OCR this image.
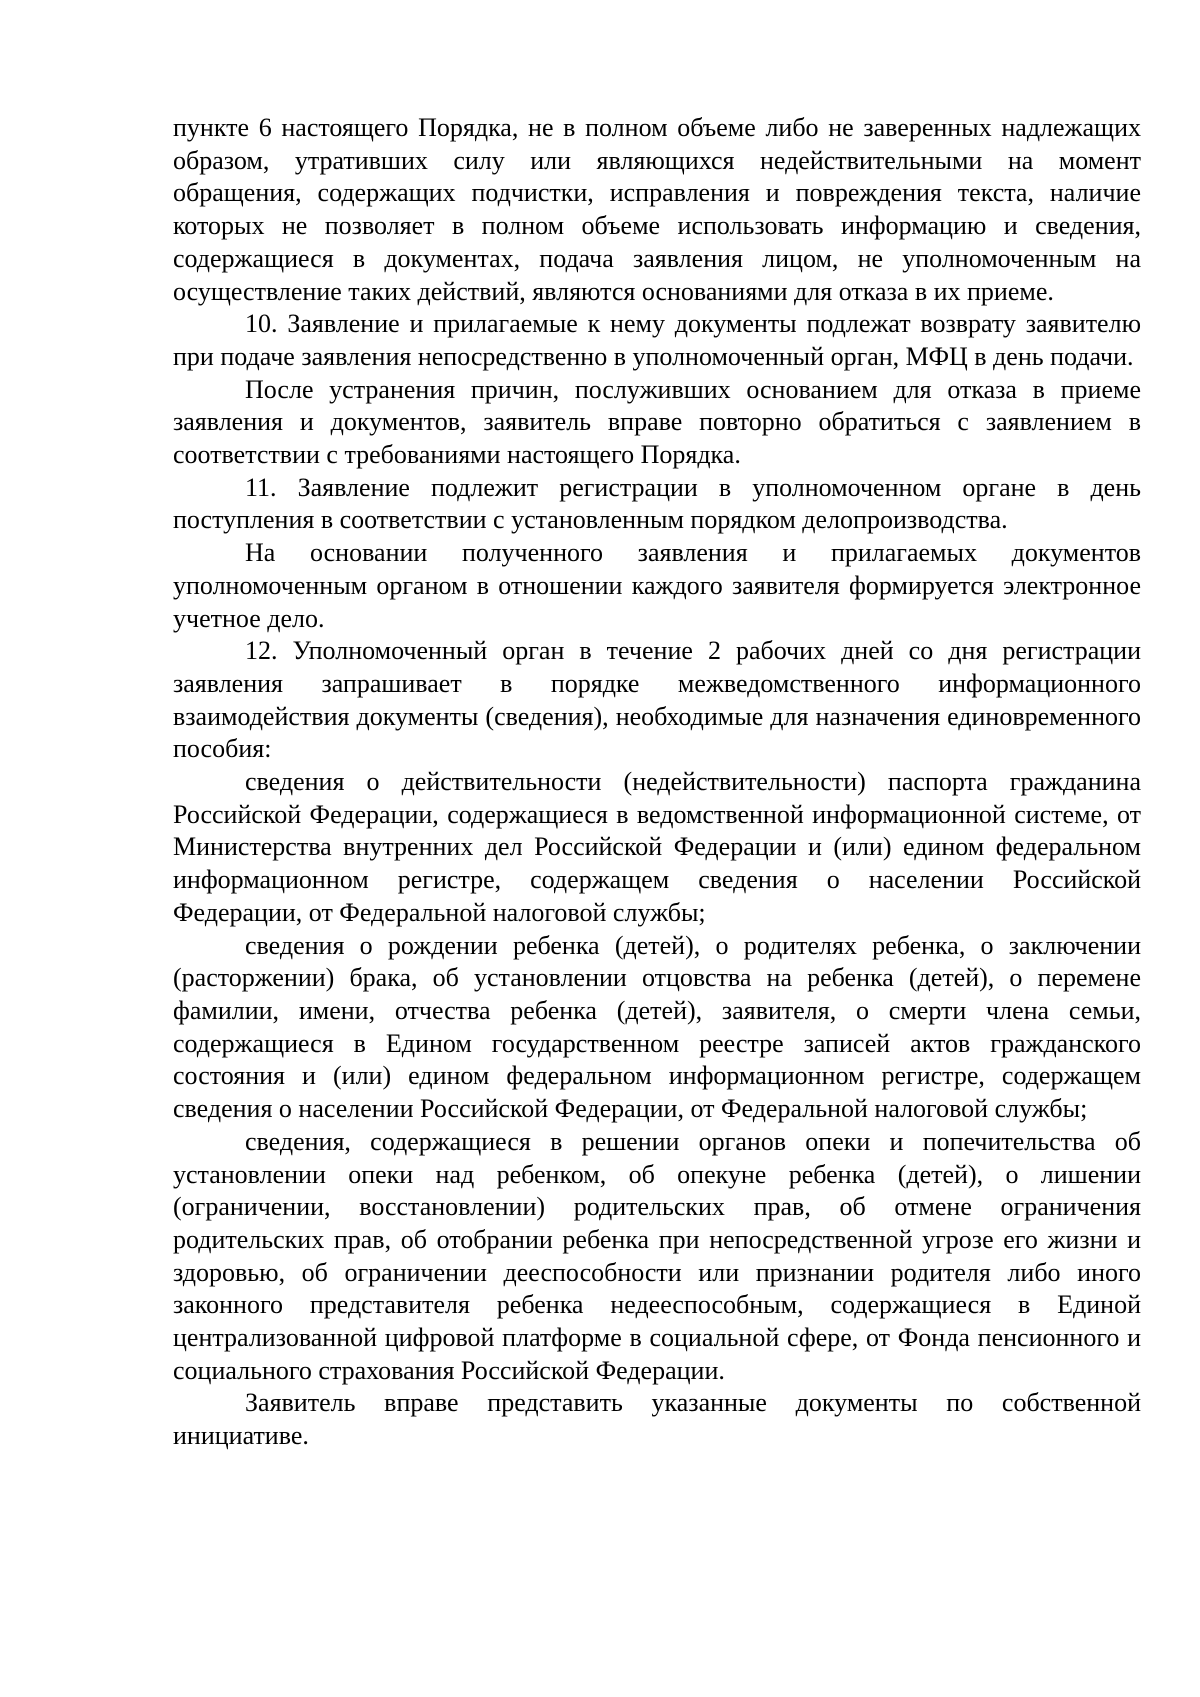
пункте 6 настоящего Порядка, не в полном объеме либо не заверенных надлежащих образом, утративших силу или являющихся недействительными на момент обращения, содержащих подчистки, исправления и повреждения текста, наличие которых не позволяет в полном объеме использовать информацию и сведения, содержащиеся в документах, подача заявления лицом, не уполномоченным на осуществление таких действий, являются основаниями для отказа в их приеме.

10. Заявление и прилагаемые к нему документы подлежат возврату заявителю при подаче заявления непосредственно в уполномоченный орган, МФЦ в день подачи.

После устранения причин, послуживших основанием для отказа в приеме заявления и документов, заявитель вправе повторно обратиться с заявлением в соответствии с требованиями настоящего Порядка.

11. Заявление подлежит регистрации в уполномоченном органе в день поступления в соответствии с установленным порядком делопроизводства.

На основании полученного заявления и прилагаемых документов уполномоченным органом в отношении каждого заявителя формируется электронное учетное дело.

12. Уполномоченный орган в течение 2 рабочих дней со дня регистрации заявления запрашивает в порядке межведомственного информационного взаимодействия документы (сведения), необходимые для назначения единовременного пособия:

сведения о действительности (недействительности) паспорта гражданина Российской Федерации, содержащиеся в ведомственной информационной системе, от Министерства внутренних дел Российской Федерации и (или) едином федеральном информационном регистре, содержащем сведения о населении Российской Федерации, от Федеральной налоговой службы;

сведения о рождении ребенка (детей), о родителях ребенка, о заключении (расторжении) брака, об установлении отцовства на ребенка (детей), о перемене фамилии, имени, отчества ребенка (детей), заявителя, о смерти члена семьи, содержащиеся в Едином государственном реестре записей актов гражданского состояния и (или) едином федеральном информационном регистре, содержащем сведения о населении Российской Федерации, от Федеральной налоговой службы;

сведения, содержащиеся в решении органов опеки и попечительства об установлении опеки над ребенком, об опекуне ребенка (детей), о лишении (ограничении, восстановлении) родительских прав, об отмене ограничения родительских прав, об отобрании ребенка при непосредственной угрозе его жизни и здоровью, об ограничении дееспособности или признании родителя либо иного законного представителя ребенка недееспособным, содержащиеся в Единой централизованной цифровой платформе в социальной сфере, от Фонда пенсионного и социального страхования Российской Федерации.

Заявитель вправе представить указанные документы по собственной инициативе.
